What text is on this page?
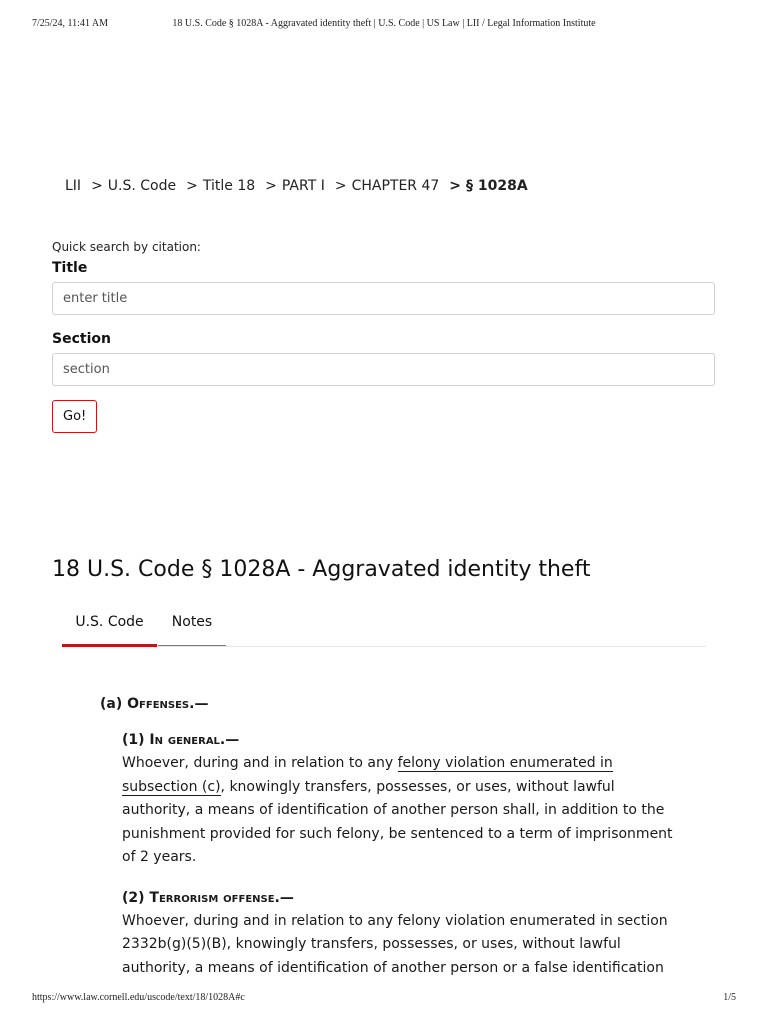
7/25/24, 11:41 AM	18 U.S. Code § 1028A - Aggravated identity theft | U.S. Code | US Law | LII / Legal Information Institute
LII > U.S. Code > Title 18 > PART I > CHAPTER 47 > § 1028A

Quick search by citation:

Title
enter title
Section
section Go!
18 U.S. Code § 1028A - Aggravated identity theft
U.S. Code	Notes
(a) Offenses.—
(1) In general.—

Whoever, during and in relation to any felony violation enumerated in subsection (c), knowingly transfers, possesses, or uses, without lawful authority, a means of identification of another person shall, in addition to the punishment provided for such felony, be sentenced to a term of imprisonment of 2 years.

(2) Terrorism offense.—

Whoever, during and in relation to any felony violation enumerated in section 2332b(g)(5)(B), knowingly transfers, possesses, or uses, without lawful authority, a means of identification of another person or a false identification

https://www.law.cornell.edu/uscode/text/18/1028A#c	1/5
